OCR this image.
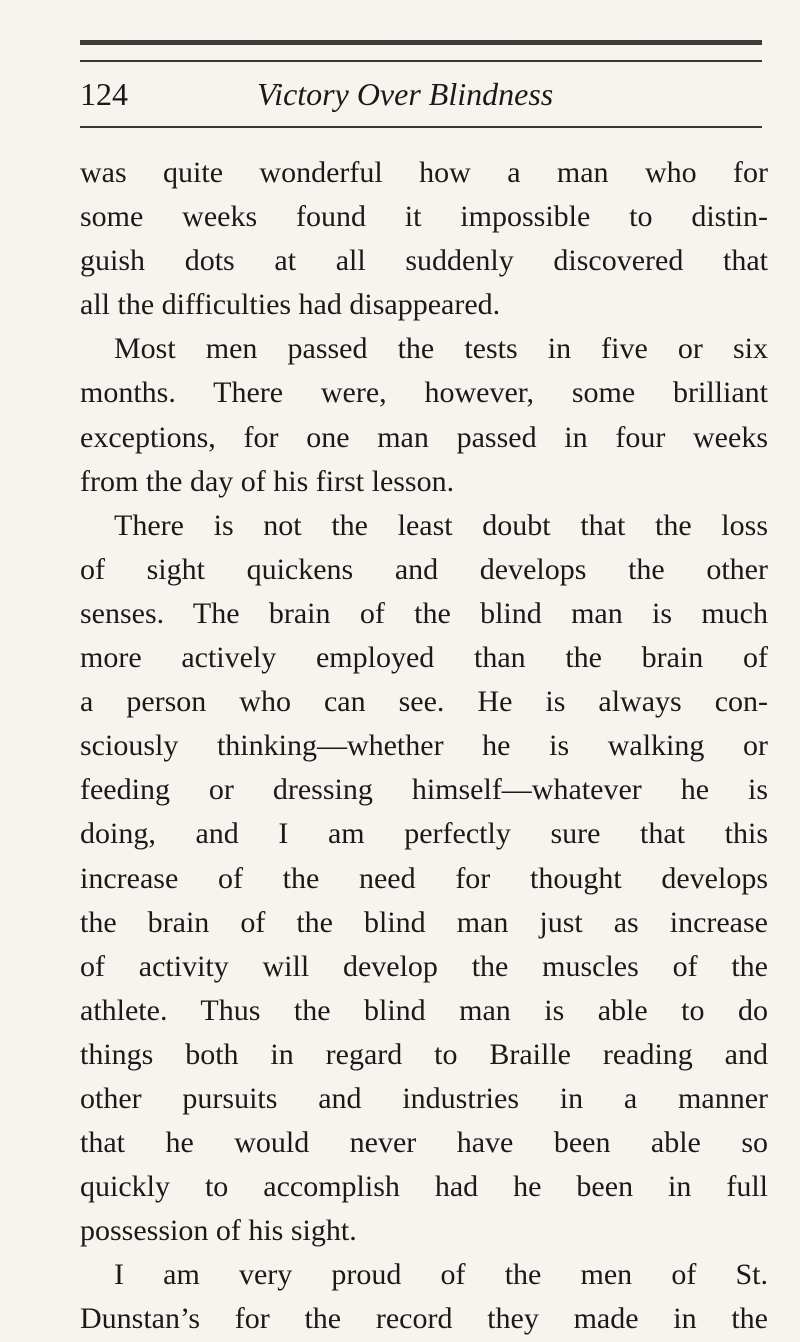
124	Victory Over Blindness
was quite wonderful how a man who for
some weeks found it impossible to distin-
guish dots at all suddenly discovered that
all the difficulties had disappeared.
Most men passed the tests in five or six
months. There were, however, some brilliant
exceptions, for one man passed in four weeks
from the day of his first lesson.
There is not the least doubt that the loss
of sight quickens and develops the other
senses. The brain of the blind man is much
more actively employed than the brain of
a person who can see. He is always con-
sciously thinking—whether he is walking or
feeding or dressing himself—whatever he is
doing, and I am perfectly sure that this
increase of the need for thought develops
the brain of the blind man just as increase
of activity will develop the muscles of the
athlete. Thus the blind man is able to do
things both in regard to Braille reading and
other pursuits and industries in a manner
that he would never have been able so
quickly to accomplish had he been in full
possession of his sight.
I am very proud of the men of St.
Dunstan’s for the record they made in the
